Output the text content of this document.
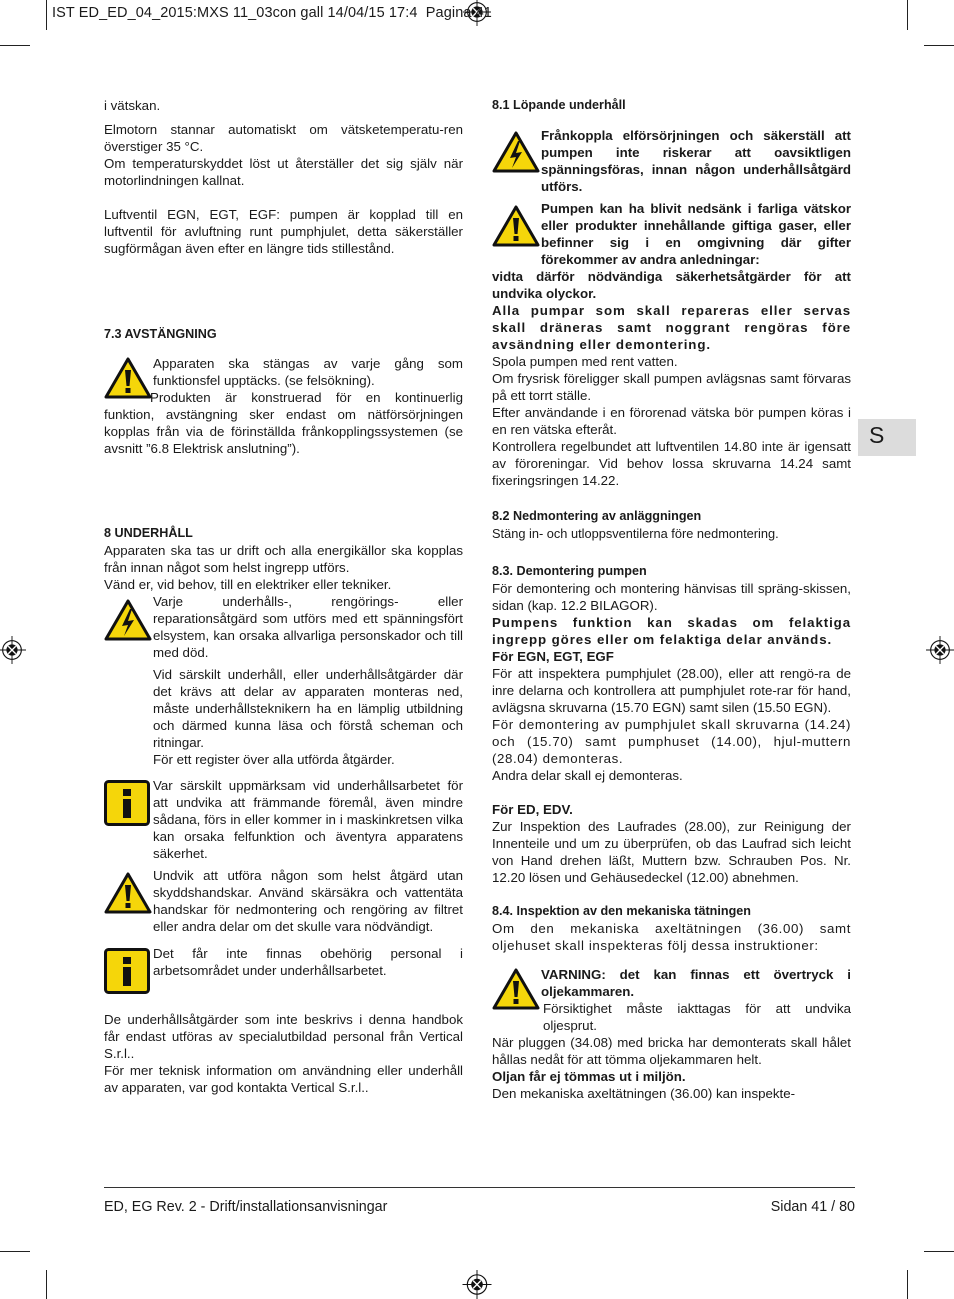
IST ED_ED_04_2015:MXS 11_03con gall 14/04/15 17:4  Pagina 41

i vätskan.

Elmotorn stannar automatiskt om vätsketemperatu-ren överstiger 35 °C.

Om temperaturskyddet löst ut återställer det sig själv när motorlindningen kallnat.

Luftventil EGN, EGT, EGF: pumpen är kopplad till en luftventil för avluftning runt pumphjulet, detta säkerställer sugförmågan även efter en längre tids stillestånd.

7.3 AVSTÄNGNING

Apparaten ska stängas av varje gång som funktionsfel upptäcks. (se felsökning).

Produkten är konstruerad för en kontinuerlig funktion, avstängning sker endast om nätförsörjningen kopplas från via de förinställda frånkopplingssystemen (se avsnitt ”6.8 Elektrisk anslutning”).

8 UNDERHÅLL

Apparaten ska tas ur drift och alla energikällor ska kopplas från innan något som helst ingrepp utförs.

Vänd er, vid behov, till en elektriker eller tekniker.

Varje underhålls-, rengörings- eller reparationsåtgärd som utförs med ett spänningsfört elsystem, kan orsaka allvarliga personskador och till med död.

Vid särskilt underhåll, eller underhållsåtgärder där det krävs att delar av apparaten monteras ned, måste underhållsteknikern ha en lämplig utbildning och därmed kunna läsa och förstå scheman och ritningar.

För ett register över alla utförda åtgärder.

Var särskilt uppmärksam vid underhållsarbetet för att undvika att främmande föremål, även mindre sådana, förs in eller kommer in i maskinkretsen vilka kan orsaka felfunktion och äventyra apparatens säkerhet.

Undvik att utföra någon som helst åtgärd utan skyddshandskar. Använd skärsäkra och vattentäta handskar för nedmontering och rengöring av filtret eller andra delar om det skulle vara nödvändigt.

Det får inte finnas obehörig personal i arbetsområdet under underhållsarbetet.

De underhållsåtgärder som inte beskrivs i denna handbok får endast utföras av specialutbildad personal från Vertical S.r.l..

För mer teknisk information om användning eller underhåll av apparaten, var god kontakta Vertical S.r.l..

8.1 Löpande underhåll

Frånkoppla elförsörjningen och säkerställ att pumpen inte riskerar att oavsiktligen spänningsföras, innan någon underhållsåtgärd utförs.

Pumpen kan ha blivit nedsänk i farliga vätskor eller produkter innehållande giftiga gaser, eller befinner sig i en omgivning där gifter förekommer av andra anledningar:

vidta därför nödvändiga säkerhetsåtgärder för att undvika olyckor.

Alla pumpar som skall repareras eller servas skall dräneras samt noggrant rengöras före avsändning eller demontering.

Spola pumpen med rent vatten.

Om frysrisk föreligger skall pumpen avlägsnas samt förvaras på ett torrt ställe.

Efter användande i en förorenad vätska bör pumpen köras i en ren vätska efteråt.

Kontrollera regelbundet att luftventilen 14.80 inte är igensatt av föroreningar. Vid behov lossa skruvarna 14.24 samt fixeringsringen 14.22.

8.2 Nedmontering av anläggningen

Stäng in- och utloppsventilerna före nedmontering.

8.3. Demontering pumpen

För demontering och montering hänvisas till spräng-skissen, sidan (kap. 12.2 BILAGOR).

Pumpens funktion kan skadas om felaktiga ingrepp göres eller om felaktiga delar används.

För EGN, EGT, EGF

För att inspektera pumphjulet (28.00), eller att rengö-ra de inre delarna och kontrollera att pumphjulet rote-rar för hand, avlägsna skruvarna (15.70 EGN) samt silen (15.50 EGN).

För demontering av pumphjulet skall skruvarna (14.24) och (15.70) samt pumphuset (14.00), hjul-muttern (28.04) demonteras.

Andra delar skall ej demonteras.

För ED, EDV.

Zur Inspektion des Laufrades (28.00), zur Reinigung der Innenteile und um zu überprüfen, ob das Laufrad sich leicht von Hand drehen läßt, Muttern bzw. Schrauben Pos. Nr. 12.20 lösen und Gehäusedeckel (12.00) abnehmen.

8.4. Inspektion av den mekaniska tätningen

Om den mekaniska axeltätningen (36.00) samt oljehuset skall inspekteras följ dessa instruktioner:

VARNING: det kan finnas ett övertryck i oljekammaren.

Försiktighet måste iakttagas för att undvika oljesprut.

När pluggen (34.08) med bricka har demonterats skall hålet hållas nedåt för att tömma oljekammaren helt.

Oljan får ej tömmas ut i miljön.

Den mekaniska axeltätningen (36.00) kan inspekte-

S
ED, EG Rev. 2 - Drift/installationsanvisningar	Sidan 41 / 80
